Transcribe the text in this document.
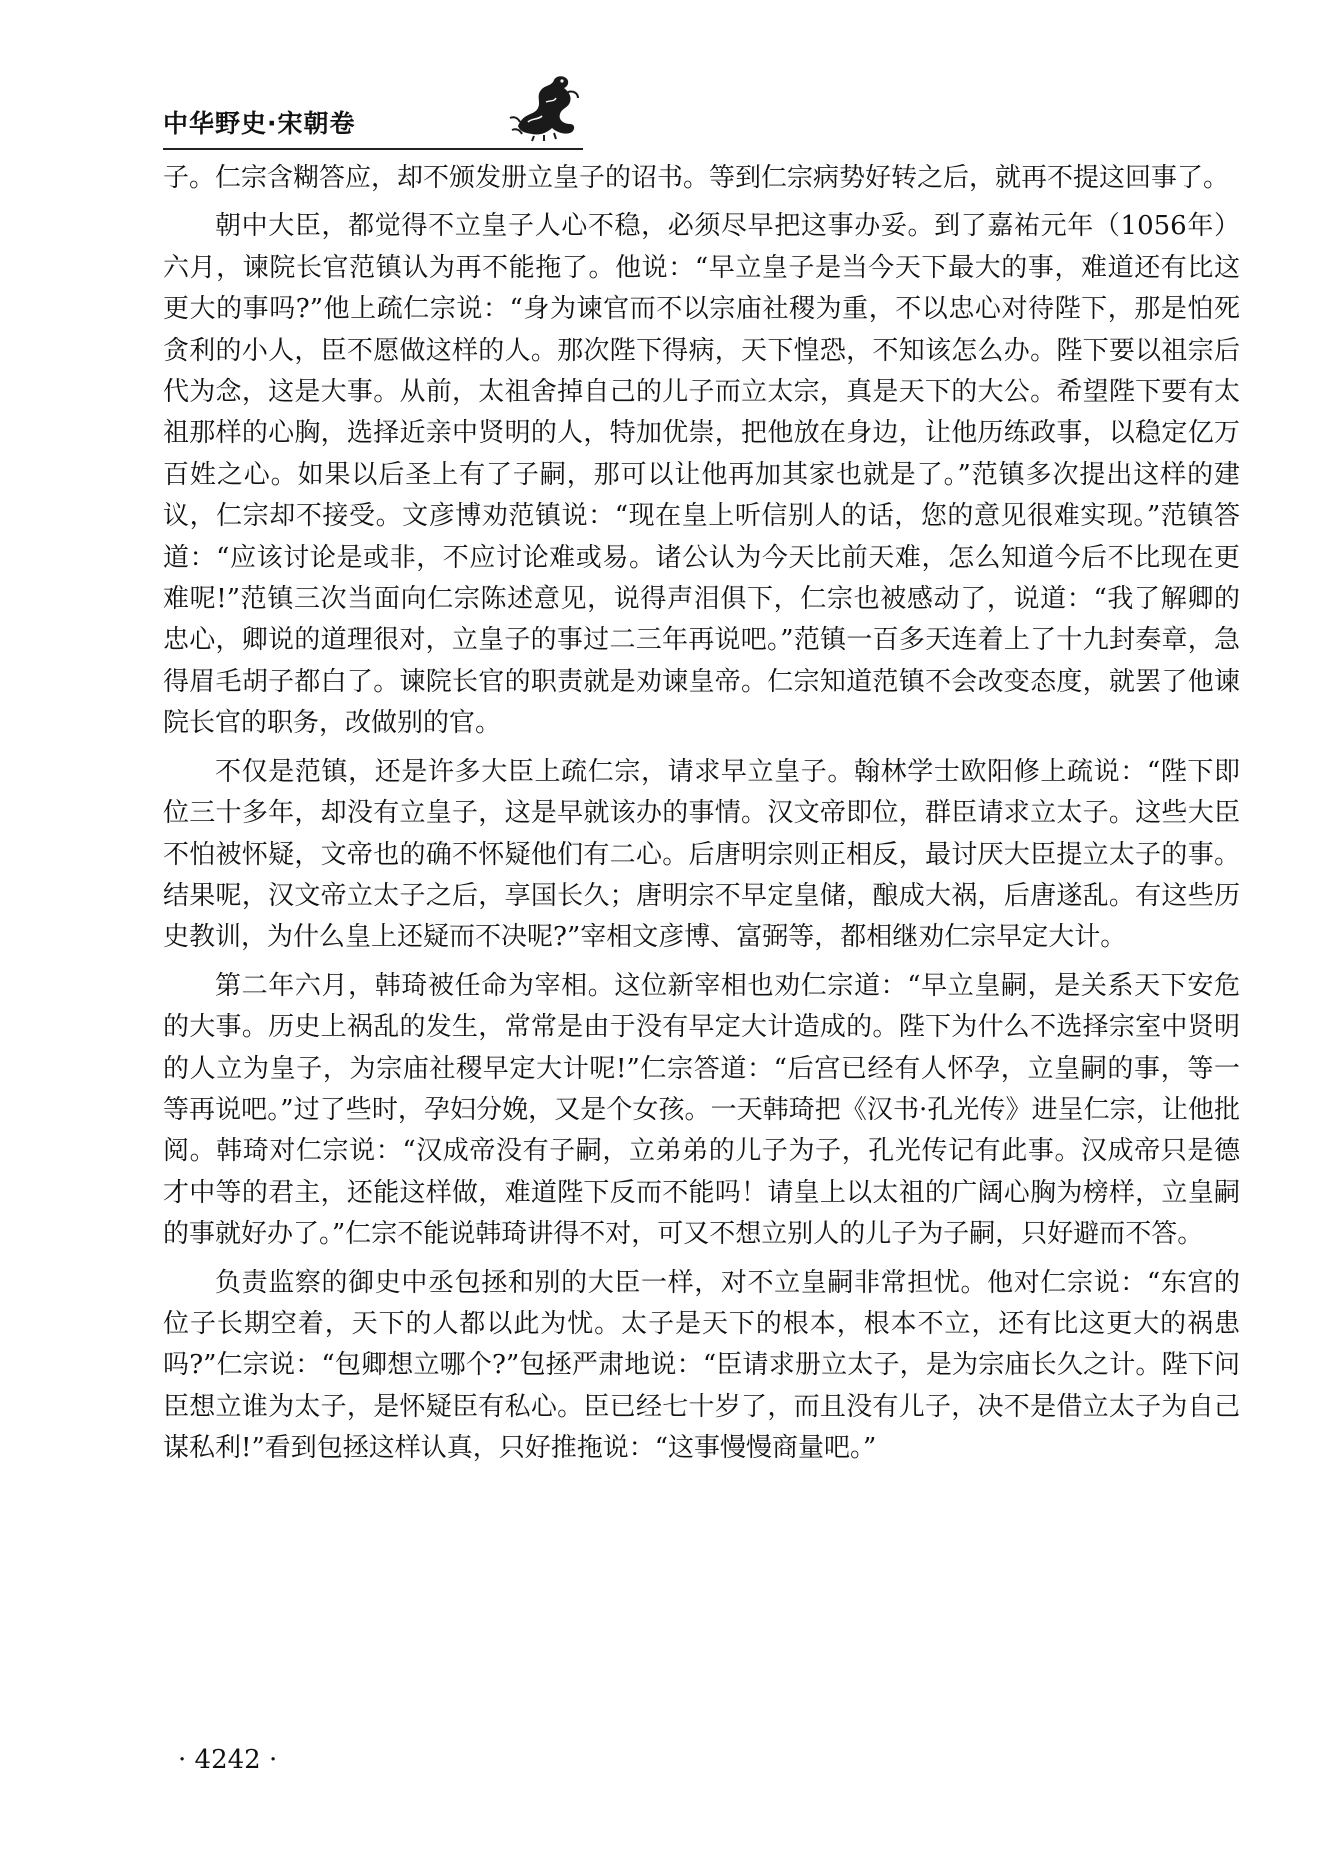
中华野史·宋朝卷

子。仁宗含糊答应，却不颁发册立皇子的诏书。等到仁宗病势好转之后，就再不提这回事了。

朝中大臣，都觉得不立皇子人心不稳，必须尽早把这事办妥。到了嘉祐元年（1056年）六月，谏院长官范镇认为再不能拖了。他说：“早立皇子是当今天下最大的事，难道还有比这更大的事吗?”他上疏仁宗说：“身为谏官而不以宗庙社稷为重，不以忠心对待陛下，那是怕死贪利的小人，臣不愿做这样的人。那次陛下得病，天下惶恐，不知该怎么办。陛下要以祖宗后代为念，这是大事。从前，太祖舍掉自己的儿子而立太宗，真是天下的大公。希望陛下要有太祖那样的心胸，选择近亲中贤明的人，特加优崇，把他放在身边，让他历练政事，以稳定亿万百姓之心。如果以后圣上有了子嗣，那可以让他再加其家也就是了。”范镇多次提出这样的建议，仁宗却不接受。文彦博劝范镇说：“现在皇上听信别人的话，您的意见很难实现。”范镇答道：“应该讨论是或非，不应讨论难或易。诸公认为今天比前天难，怎么知道今后不比现在更难呢!”范镇三次当面向仁宗陈述意见，说得声泪俱下，仁宗也被感动了，说道：“我了解卿的忠心，卿说的道理很对，立皇子的事过二三年再说吧。”范镇一百多天连着上了十九封奏章，急得眉毛胡子都白了。谏院长官的职责就是劝谏皇帝。仁宗知道范镇不会改变态度，就罢了他谏院长官的职务，改做别的官。

不仅是范镇，还是许多大臣上疏仁宗，请求早立皇子。翰林学士欧阳修上疏说：“陛下即位三十多年，却没有立皇子，这是早就该办的事情。汉文帝即位，群臣请求立太子。这些大臣不怕被怀疑，文帝也的确不怀疑他们有二心。后唐明宗则正相反，最讨厌大臣提立太子的事。结果呢，汉文帝立太子之后，享国长久；唐明宗不早定皇储，酿成大祸，后唐遂乱。有这些历史教训，为什么皇上还疑而不决呢?”宰相文彦博、富弼等，都相继劝仁宗早定大计。

第二年六月，韩琦被任命为宰相。这位新宰相也劝仁宗道：“早立皇嗣，是关系天下安危的大事。历史上祸乱的发生，常常是由于没有早定大计造成的。陛下为什么不选择宗室中贤明的人立为皇子，为宗庙社稷早定大计呢!”仁宗答道：“后宫已经有人怀孕，立皇嗣的事，等一等再说吧。”过了些时，孕妇分娩，又是个女孩。一天韩琦把《汉书·孔光传》进呈仁宗，让他批阅。韩琦对仁宗说：“汉成帝没有子嗣，立弟弟的儿子为子，孔光传记有此事。汉成帝只是德才中等的君主，还能这样做，难道陛下反而不能吗！请皇上以太祖的广阔心胸为榜样，立皇嗣的事就好办了。”仁宗不能说韩琦讲得不对，可又不想立别人的儿子为子嗣，只好避而不答。

负责监察的御史中丞包拯和别的大臣一样，对不立皇嗣非常担忧。他对仁宗说：“东宫的位子长期空着，天下的人都以此为忧。太子是天下的根本，根本不立，还有比这更大的祸患吗?”仁宗说：“包卿想立哪个?”包拯严肃地说：“臣请求册立太子，是为宗庙长久之计。陛下问臣想立谁为太子，是怀疑臣有私心。臣已经七十岁了，而且没有儿子，决不是借立太子为自己谋私利!”看到包拯这样认真，只好推拖说：“这事慢慢商量吧。”

· 4242 ·
